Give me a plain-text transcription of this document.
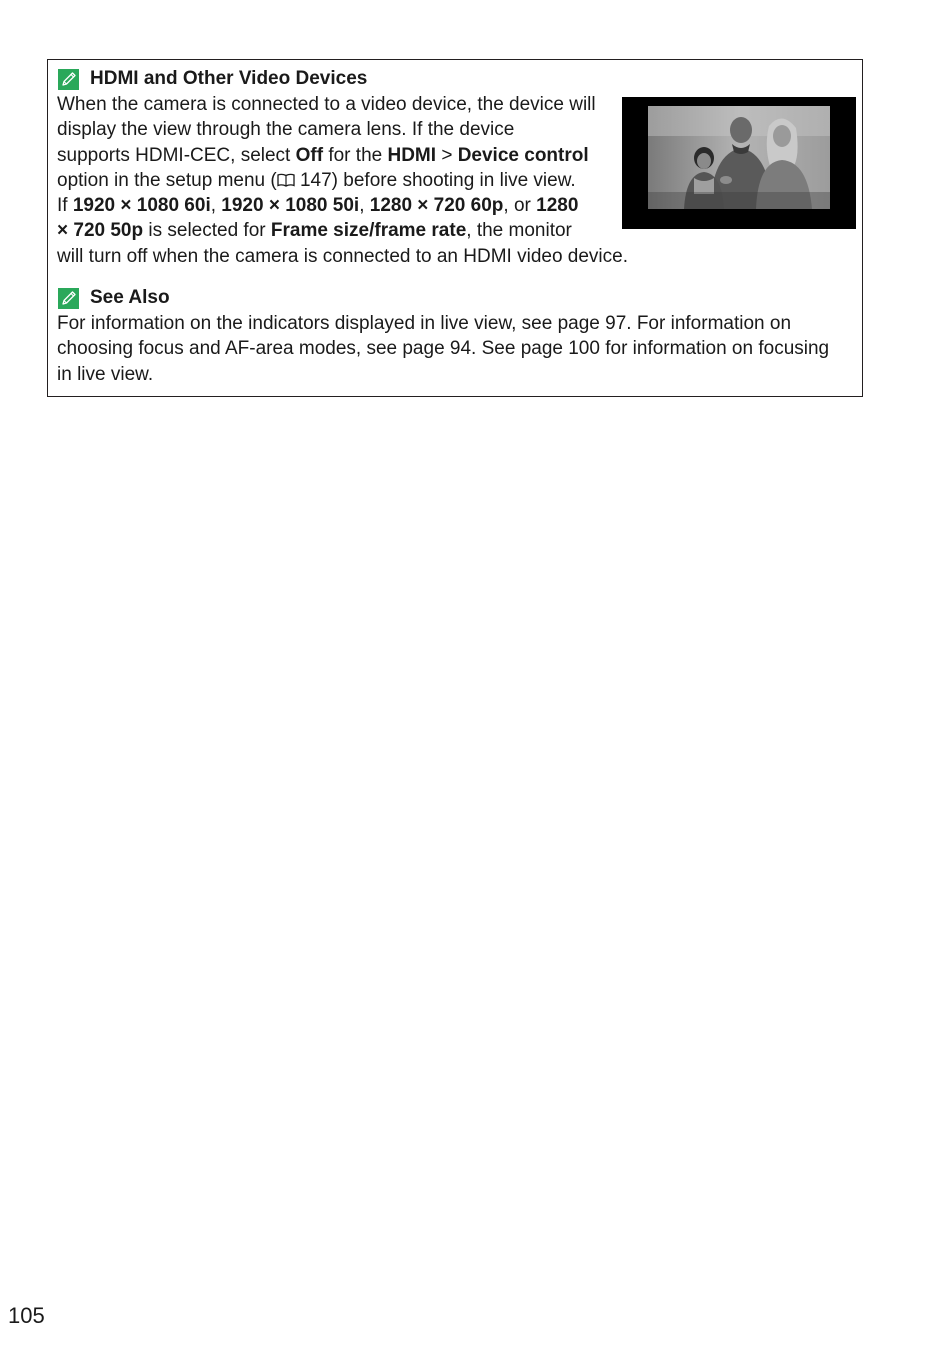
HDMI and Other Video Devices
When the camera is connected to a video device, the device will
display the view through the camera lens. If the device
supports HDMI-CEC, select Off for the HDMI > Device control
option in the setup menu ( 147) before shooting in live view.
If 1920 × 1080 60i, 1920 × 1080 50i, 1280 × 720 60p, or 1280
× 720 50p is selected for Frame size/frame rate, the monitor
will turn off when the camera is connected to an HDMI video device.
See Also
For information on the indicators displayed in live view, see page 97. For information on
choosing focus and AF-area modes, see page 94. See page 100 for information on focusing
in live view.
105
